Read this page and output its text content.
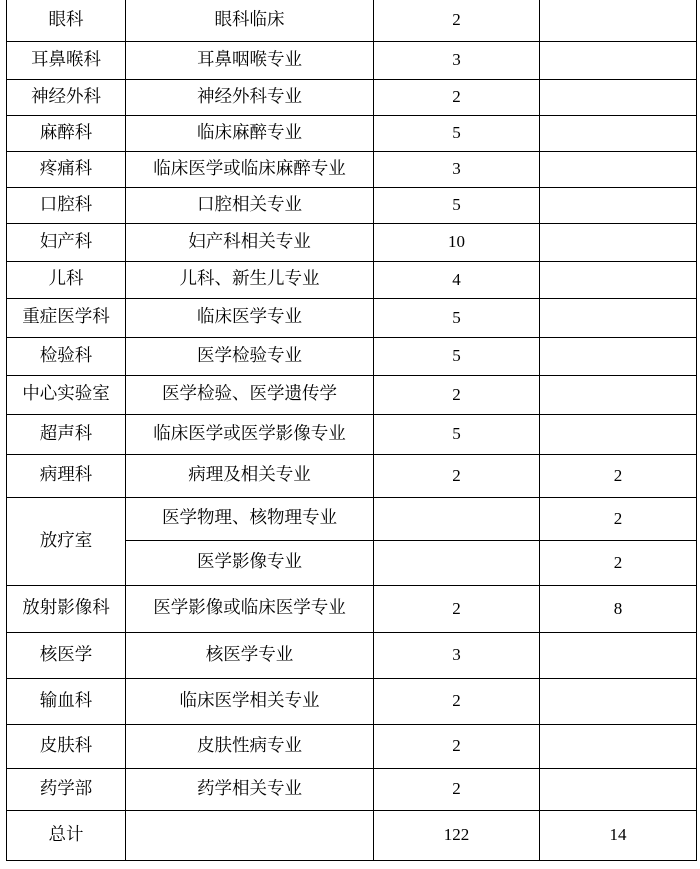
眼科	眼科临床	2	
耳鼻喉科	耳鼻咽喉专业	3	
神经外科	神经外科专业	2	
麻醉科	临床麻醉专业	5	
疼痛科	临床医学或临床麻醉专业	3	
口腔科	口腔相关专业	5	
妇产科	妇产科相关专业	10	
儿科	儿科、新生儿专业	4	
重症医学科	临床医学专业	5	
检验科	医学检验专业	5	
中心实验室	医学检验、医学遗传学	2	
超声科	临床医学或医学影像专业	5	
病理科	病理及相关专业	2	2
放疗室	医学物理、核物理专业		2
	医学影像专业		2
放射影像科	医学影像或临床医学专业	2	8
核医学	核医学专业	3	
输血科	临床医学相关专业	2	
皮肤科	皮肤性病专业	2	
药学部	药学相关专业	2	
总计		122	14
